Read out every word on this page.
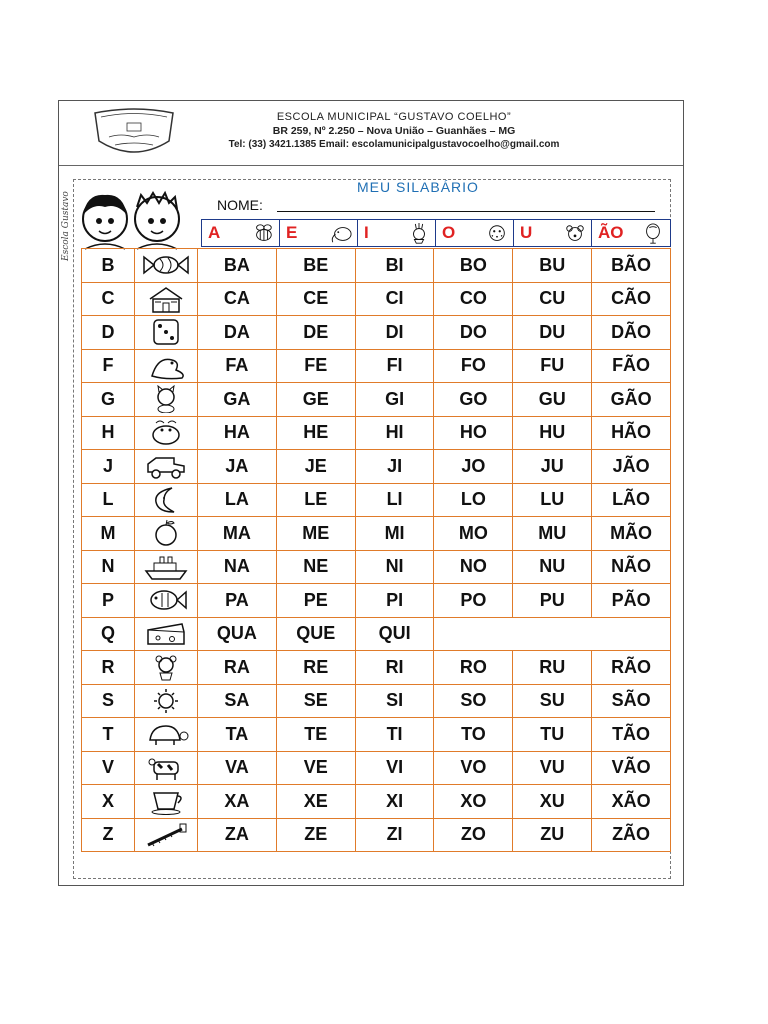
ESCOLA MUNICIPAL “GUSTAVO COELHO”
BR 259, Nº 2.250 – Nova União – Guanhães – MG
Tel: (33) 3421.1385 Email: escolamunicipalgustavocoelho@gmail.com
Escola Gustavo
MEU SILABÁRIO
NOME:
A	E	I	O	U	ÃO
B		BA	BE	BI	BO	BU	BÃO
C		CA	CE	CI	CO	CU	CÃO
D		DA	DE	DI	DO	DU	DÃO
F		FA	FE	FI	FO	FU	FÃO
G		GA	GE	GI	GO	GU	GÃO
H		HA	HE	HI	HO	HU	HÃO
J		JA	JE	JI	JO	JU	JÃO
L		LA	LE	LI	LO	LU	LÃO
M		MA	ME	MI	MO	MU	MÃO
N		NA	NE	NI	NO	NU	NÃO
P		PA	PE	PI	PO	PU	PÃO
Q		QUA	QUE	QUI			
R		RA	RE	RI	RO	RU	RÃO
S		SA	SE	SI	SO	SU	SÃO
T		TA	TE	TI	TO	TU	TÃO
V		VA	VE	VI	VO	VU	VÃO
X		XA	XE	XI	XO	XU	XÃO
Z		ZA	ZE	ZI	ZO	ZU	ZÃO
